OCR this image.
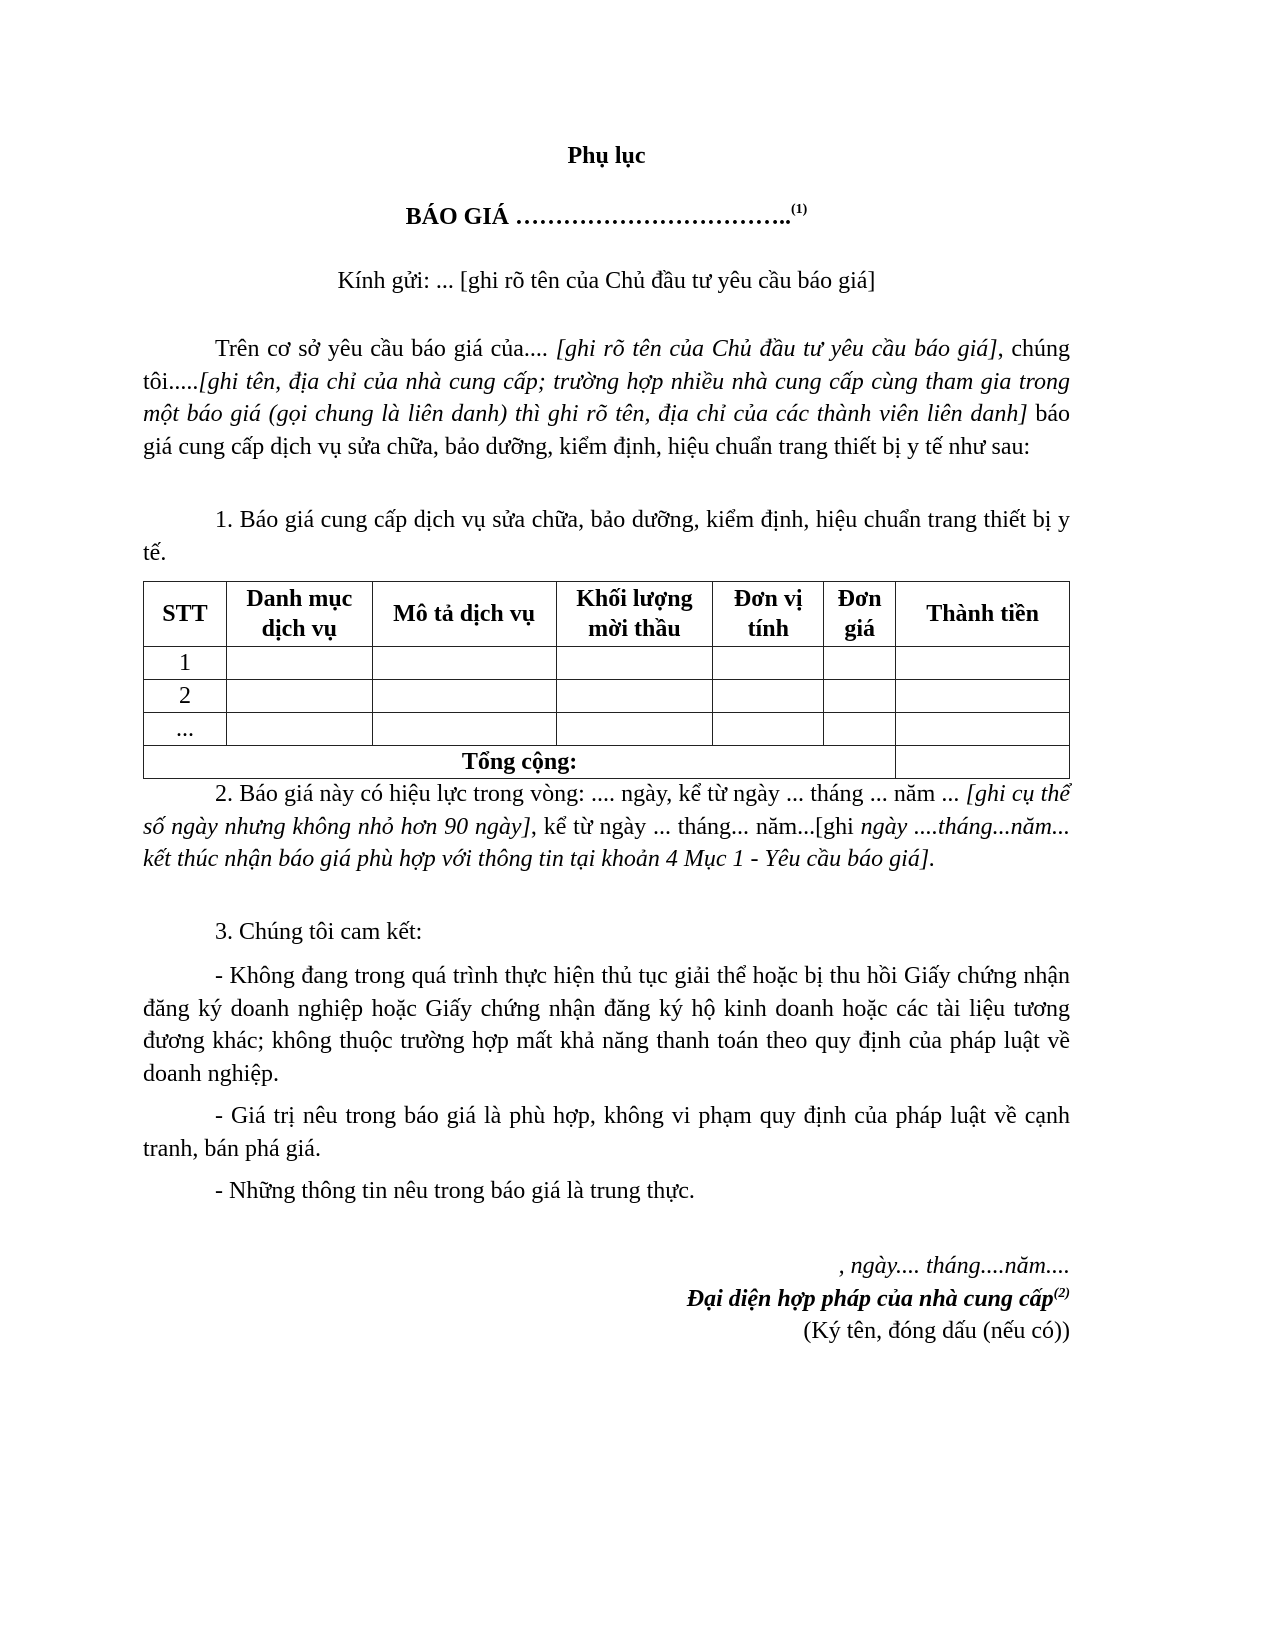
Phụ lục
BÁO GIÁ ……………………………..$^{(1)}$
Kính gửi: ... [ghi rõ tên của Chủ đầu tư yêu cầu báo giá]
Trên cơ sở yêu cầu báo giá của.... [ghi rõ tên của Chủ đầu tư yêu cầu báo giá], chúng tôi.....[ghi tên, địa chỉ của nhà cung cấp; trường hợp nhiều nhà cung cấp cùng tham gia trong một báo giá (gọi chung là liên danh) thì ghi rõ tên, địa chỉ của các thành viên liên danh] báo giá cung cấp dịch vụ sửa chữa, bảo dưỡng, kiểm định, hiệu chuẩn trang thiết bị y tế như sau:
1. Báo giá cung cấp dịch vụ sửa chữa, bảo dưỡng, kiểm định, hiệu chuẩn trang thiết bị y tế.
STT	Danh mục dịch vụ	Mô tả dịch vụ	Khối lượng mời thầu	Đơn vị tính	Đơn giá	Thành tiền
1						
2						
...						
Tổng cộng:						
2. Báo giá này có hiệu lực trong vòng: .... ngày, kể từ ngày ... tháng ... năm ... [ghi cụ thể số ngày nhưng không nhỏ hơn 90 ngày], kể từ ngày ... tháng... năm...[ghi ngày ....tháng...năm... kết thúc nhận báo giá phù hợp với thông tin tại khoản 4 Mục 1 - Yêu cầu báo giá].
3. Chúng tôi cam kết:
- Không đang trong quá trình thực hiện thủ tục giải thể hoặc bị thu hồi Giấy chứng nhận đăng ký doanh nghiệp hoặc Giấy chứng nhận đăng ký hộ kinh doanh hoặc các tài liệu tương đương khác; không thuộc trường hợp mất khả năng thanh toán theo quy định của pháp luật về doanh nghiệp.
- Giá trị nêu trong báo giá là phù hợp, không vi phạm quy định của pháp luật về cạnh tranh, bán phá giá.
- Những thông tin nêu trong báo giá là trung thực.
, ngày.... tháng....năm....
Đại diện hợp pháp của nhà cung cấp$^{(2)}$
(Ký tên, đóng dấu (nếu có))
